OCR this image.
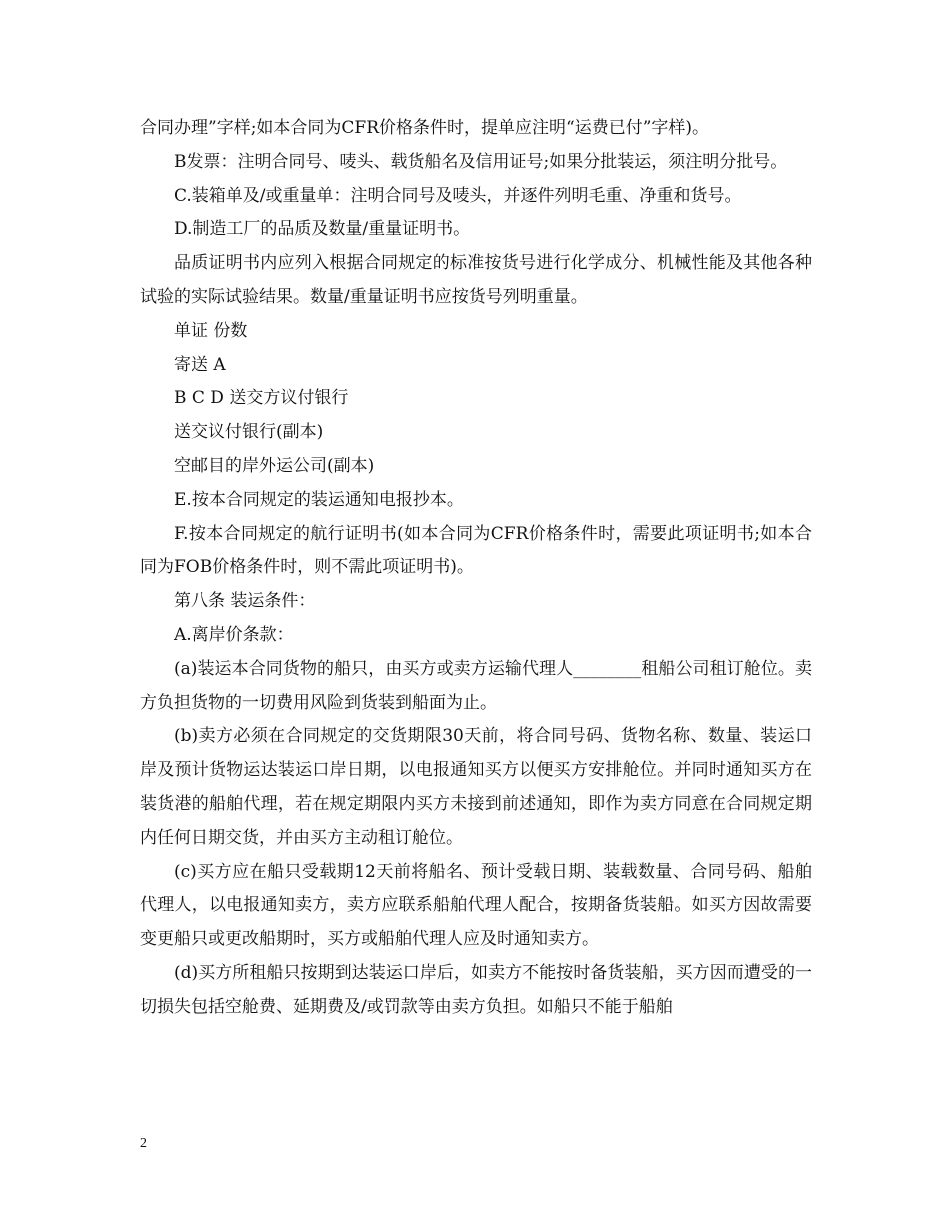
合同办理”字样;如本合同为CFR价格条件时，提单应注明“运费已付”字样)。

B发票：注明合同号、唛头、载货船名及信用证号;如果分批装运，须注明分批号。

C.装箱单及/或重量单：注明合同号及唛头，并逐件列明毛重、净重和货号。

D.制造工厂的品质及数量/重量证明书。

品质证明书内应列入根据合同规定的标准按货号进行化学成分、机械性能及其他各种试验的实际试验结果。数量/重量证明书应按货号列明重量。

单证 份数

寄送 A

B C D 送交方议付银行

送交议付银行(副本)

空邮目的岸外运公司(副本)

E.按本合同规定的装运通知电报抄本。

F.按本合同规定的航行证明书(如本合同为CFR价格条件时，需要此项证明书;如本合同为FOB价格条件时，则不需此项证明书)。

第八条 装运条件：

A.离岸价条款：

(a)装运本合同货物的船只，由买方或卖方运输代理人________租船公司租订舱位。卖方负担货物的一切费用风险到货装到船面为止。

(b)卖方必须在合同规定的交货期限30天前，将合同号码、货物名称、数量、装运口岸及预计货物运达装运口岸日期，以电报通知买方以便买方安排舱位。并同时通知买方在装货港的船舶代理，若在规定期限内买方未接到前述通知，即作为卖方同意在合同规定期内任何日期交货，并由买方主动租订舱位。

(c)买方应在船只受载期12天前将船名、预计受载日期、装载数量、合同号码、船舶代理人，以电报通知卖方，卖方应联系船舶代理人配合，按期备货装船。如买方因故需要变更船只或更改船期时，买方或船舶代理人应及时通知卖方。

(d)买方所租船只按期到达装运口岸后，如卖方不能按时备货装船，买方因而遭受的一切损失包括空舱费、延期费及/或罚款等由卖方负担。如船只不能于船舶

2
